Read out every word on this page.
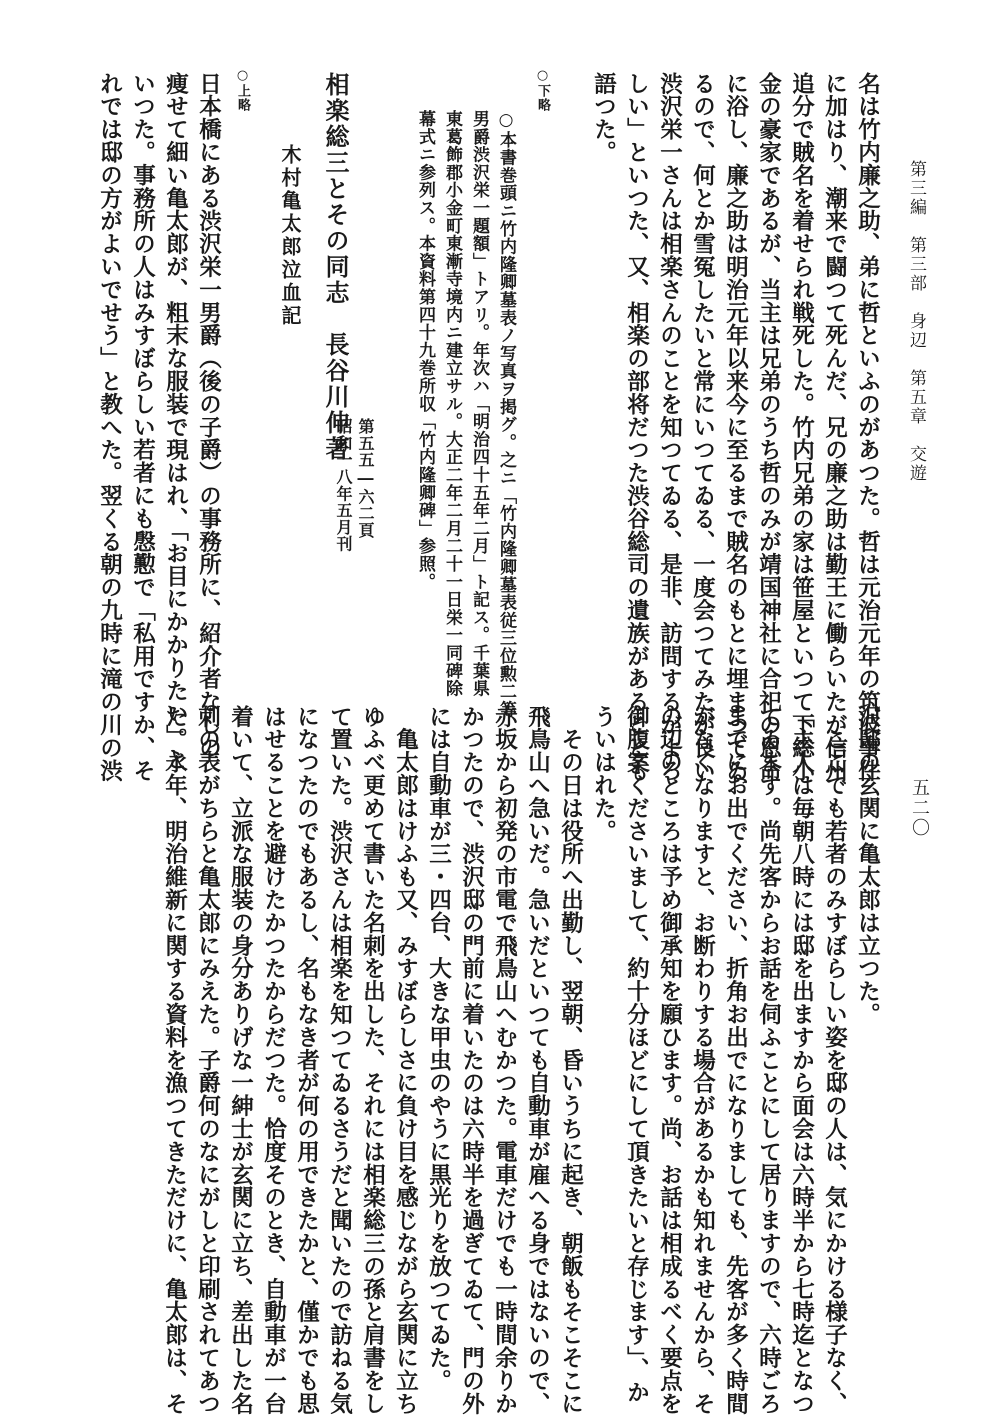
第三編　第三部　身辺　第五章　交遊
五二〇
名は竹内廉之助、弟に哲といふのがあつた。哲は元治元年の筑波事件
に加はり、潮来で闘つて死んだ、兄の廉之助は勤王に働らいたが信州
追分で賊名を着せられ戦死した。竹内兄弟の家は笹屋といつて下総小
金の豪家であるが、当主は兄弟のうち哲のみが靖国神社に合祀の恩命
に浴し、廉之助は明治元年以来今に至るまで賊名のもとに埋まつてゐ
るので、何とか雪冤したいと常にいつてゐる、一度会つてみたが良い
渋沢栄一さんは相楽さんのことを知つてゐる、是非、訪問するがよろ
しい」といつた、又、相楽の部将だつた渋谷総司の遺族があることも
語つた。
○下略
○本書巻頭ニ竹内隆卿墓表ノ写真ヲ掲グ。之ニ「竹内隆卿墓表従三位勲二等
男爵渋沢栄一題額」トアリ。年次ハ「明治四十五年二月」ト記ス。千葉県
東葛飾郡小金町東漸寺境内ニ建立サル。大正二年二月二十一日栄一同碑除
幕式ニ参列ス。本資料第四十九巻所収「竹内隆卿碑」参照。
第五五―六二頁
昭和一八年五月刊
相楽総三とその同志　長谷川伸著
木村亀太郎泣血記
○上略
日本橋にある渋沢栄一男爵（後の子爵）の事務所に、紹介者なしの
痩せて細い亀太郎が、粗末な服装で現はれ、「お目にかかりたい」と
いつた。事務所の人はみすぼらしい若者にも慇懃で「私用ですか、そ
れでは邸の方がよいでせう」と教へた。翌くる朝の九時に滝の川の渋
沢邸の玄関に亀太郎は立つた。
　ここでも若者のみすぼらしい姿を邸の人は、気にかける様子なく、
「主人は毎朝八時には邸を出ますから面会は六時半から七時迄となつ
てゐます。尚先客からお話を伺ふことにして居りますので、六時ごろ
までにお出でください、折角お出でになりましても、先客が多く時間
がなくなりますと、お断わりする場合があるかも知れませんから、そ
の辺のところは予め御承知を願ひます。尚、お話は相成るべく要点を
御腹案くださいまして、約十分ほどにして頂きたいと存じます」、か
ういはれた。
　その日は役所へ出勤し、翌朝、昏いうちに起き、朝飯もそこそこに
飛鳥山へ急いだ。急いだといつても自動車が雇へる身ではないので、
赤坂から初発の市電で飛鳥山へむかつた。電車だけでも一時間余りか
かつたので、渋沢邸の門前に着いたのは六時半を過ぎてゐて、門の外
には自動車が三・四台、大きな甲虫のやうに黒光りを放つてゐた。
　亀太郎はけふも又、みすぼらしさに負け目を感じながら玄関に立ち
ゆふべ更めて書いた名刺を出した、それには相楽総三の孫と肩書をし
て置いた。渋沢さんは相楽を知つてゐるさうだと聞いたので訪ねる気
になつたのでもあるし、名もなき者が何の用できたかと、僅かでも思
はせることを避けたかつたからだつた。恰度そのとき、自動車が一台
着いて、立派な服装の身分ありげな一紳士が玄関に立ち、差出した名
刺の表がちらと亀太郎にみえた。子爵何のなにがしと印刷されてあつ
た。永年、明治維新に関する資料を漁つてきただけに、亀太郎は、そ
